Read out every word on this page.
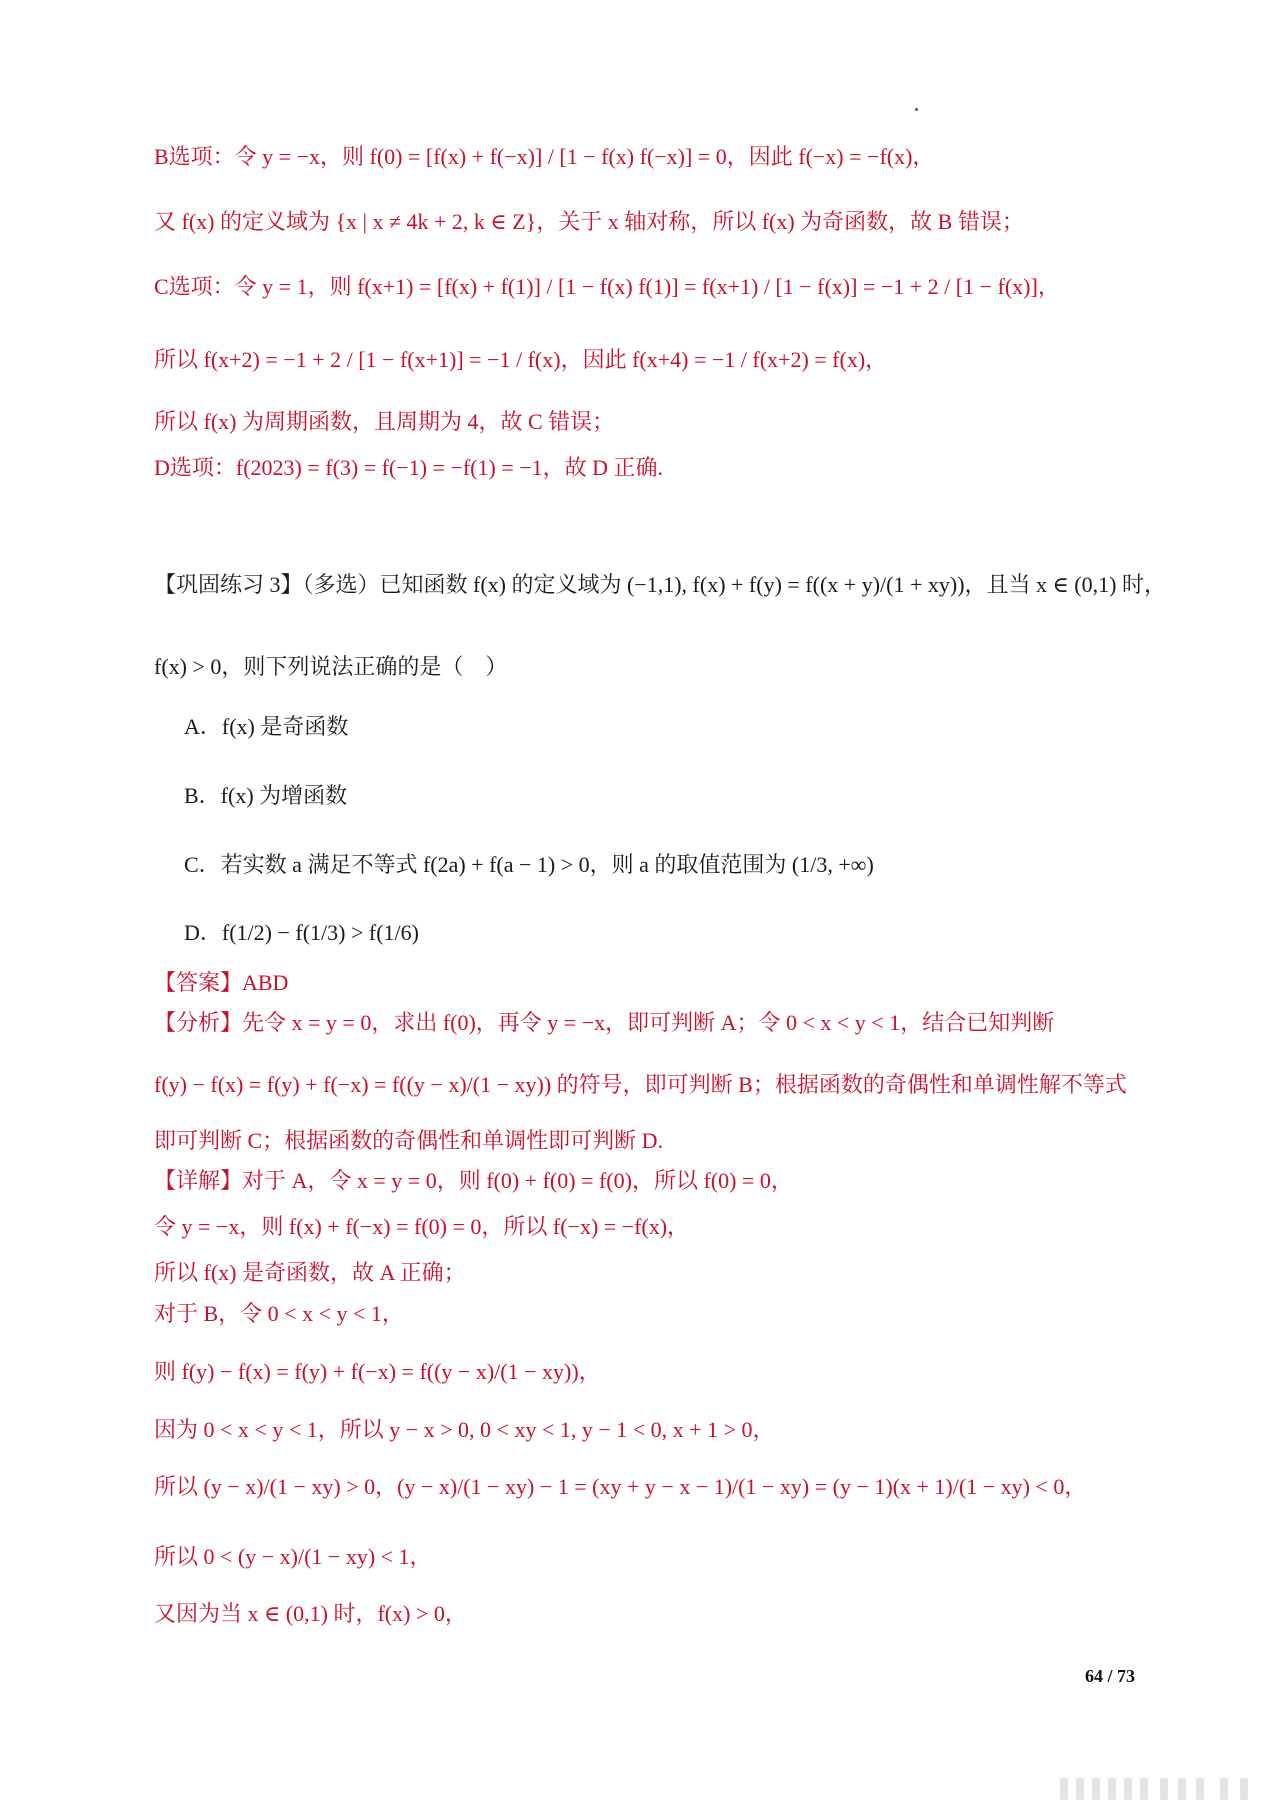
B选项：令 y = −x，则 f(0) = [f(x) + f(−x)] / [1 − f(x) f(−x)] = 0，因此 f(−x) = −f(x)，
又 f(x) 的定义域为 {x | x ≠ 4k + 2, k ∈ Z}，关于 x 轴对称，所以 f(x) 为奇函数，故 B 错误；
C选项：令 y = 1，则 f(x+1) = [f(x) + f(1)] / [1 − f(x) f(1)] = f(x+1) / [1 − f(x)] = −1 + 2 / [1 − f(x)]，
所以 f(x+2) = −1 + 2 / [1 − f(x+1)] = −1 / f(x)，因此 f(x+4) = −1 / f(x+2) = f(x)，
所以 f(x) 为周期函数，且周期为 4，故 C 错误；
D选项：f(2023) = f(3) = f(−1) = −f(1) = −1，故 D 正确.
【巩固练习 3】（多选）已知函数 f(x) 的定义域为 (−1,1), f(x) + f(y) = f((x + y)/(1 + xy))，且当 x ∈ (0,1) 时，
f(x) > 0，则下列说法正确的是（　）
A．f(x) 是奇函数
B．f(x) 为增函数
C．若实数 a 满足不等式 f(2a) + f(a − 1) > 0，则 a 的取值范围为 (1/3, +∞)
D．f(1/2) − f(1/3) > f(1/6)
【答案】ABD
【分析】先令 x = y = 0，求出 f(0)，再令 y = −x，即可判断 A；令 0 < x < y < 1，结合已知判断
f(y) − f(x) = f(y) + f(−x) = f((y − x)/(1 − xy)) 的符号，即可判断 B；根据函数的奇偶性和单调性解不等式
即可判断 C；根据函数的奇偶性和单调性即可判断 D.
【详解】对于 A，令 x = y = 0，则 f(0) + f(0) = f(0)，所以 f(0) = 0，
令 y = −x，则 f(x) + f(−x) = f(0) = 0，所以 f(−x) = −f(x)，
所以 f(x) 是奇函数，故 A 正确；
对于 B，令 0 < x < y < 1，
则 f(y) − f(x) = f(y) + f(−x) = f((y − x)/(1 − xy))，
因为 0 < x < y < 1，所以 y − x > 0, 0 < xy < 1, y − 1 < 0, x + 1 > 0，
所以 (y − x)/(1 − xy) > 0，(y − x)/(1 − xy) − 1 = (xy + y − x − 1)/(1 − xy) = (y − 1)(x + 1)/(1 − xy) < 0，
所以 0 < (y − x)/(1 − xy) < 1，
又因为当 x ∈ (0,1) 时，f(x) > 0，
64 / 73
